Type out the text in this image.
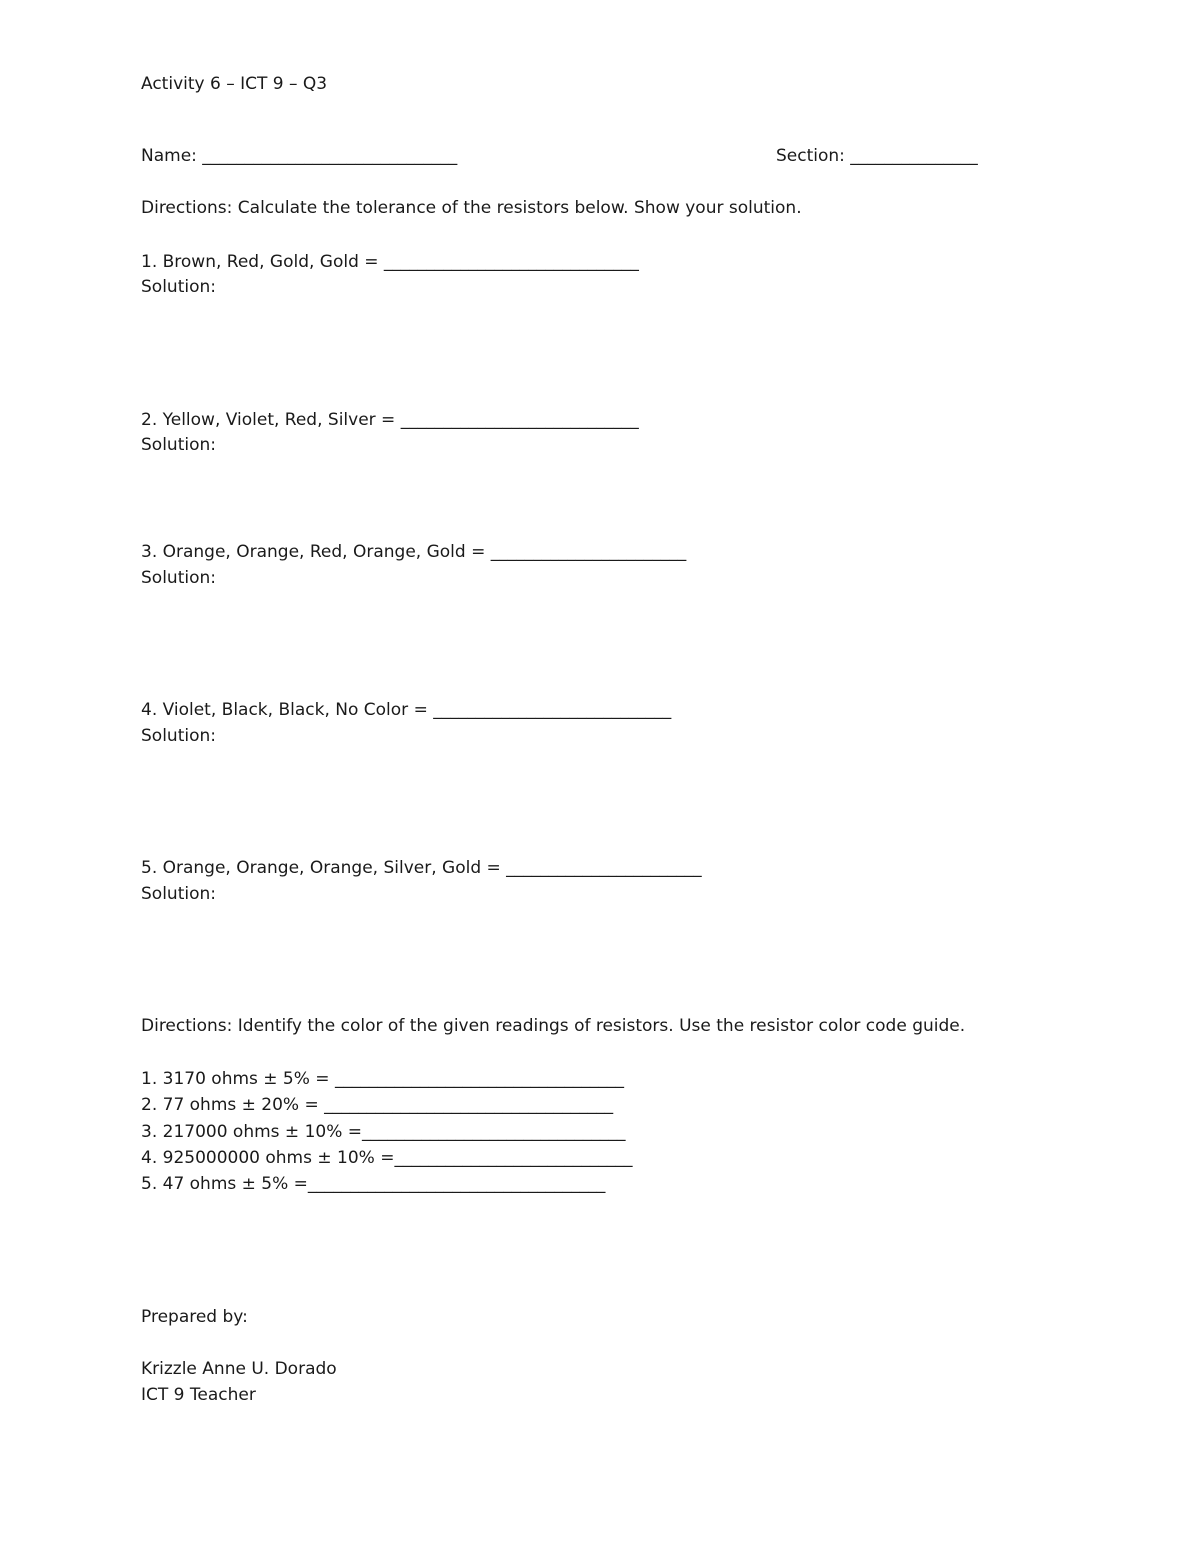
Activity 6 – ICT 9 – Q3
Name: ______________________________	Section: _______________
Directions: Calculate the tolerance of the resistors below. Show your solution.
1. Brown, Red, Gold, Gold = ______________________________
Solution:
2. Yellow, Violet, Red, Silver = ____________________________
Solution:
3. Orange, Orange, Red, Orange, Gold = _______________________
Solution:
4. Violet, Black, Black, No Color = ____________________________
Solution:
5. Orange, Orange, Orange, Silver, Gold = _______________________
Solution:
Directions: Identify the color of the given readings of resistors. Use the resistor color code guide.
1. 3170 ohms ± 5% = __________________________________
2. 77 ohms ± 20% = __________________________________
3. 217000 ohms ± 10% =_______________________________
4. 925000000 ohms ± 10% =____________________________
5. 47 ohms ± 5% =___________________________________
Prepared by:
Krizzle Anne U. Dorado
ICT 9 Teacher
